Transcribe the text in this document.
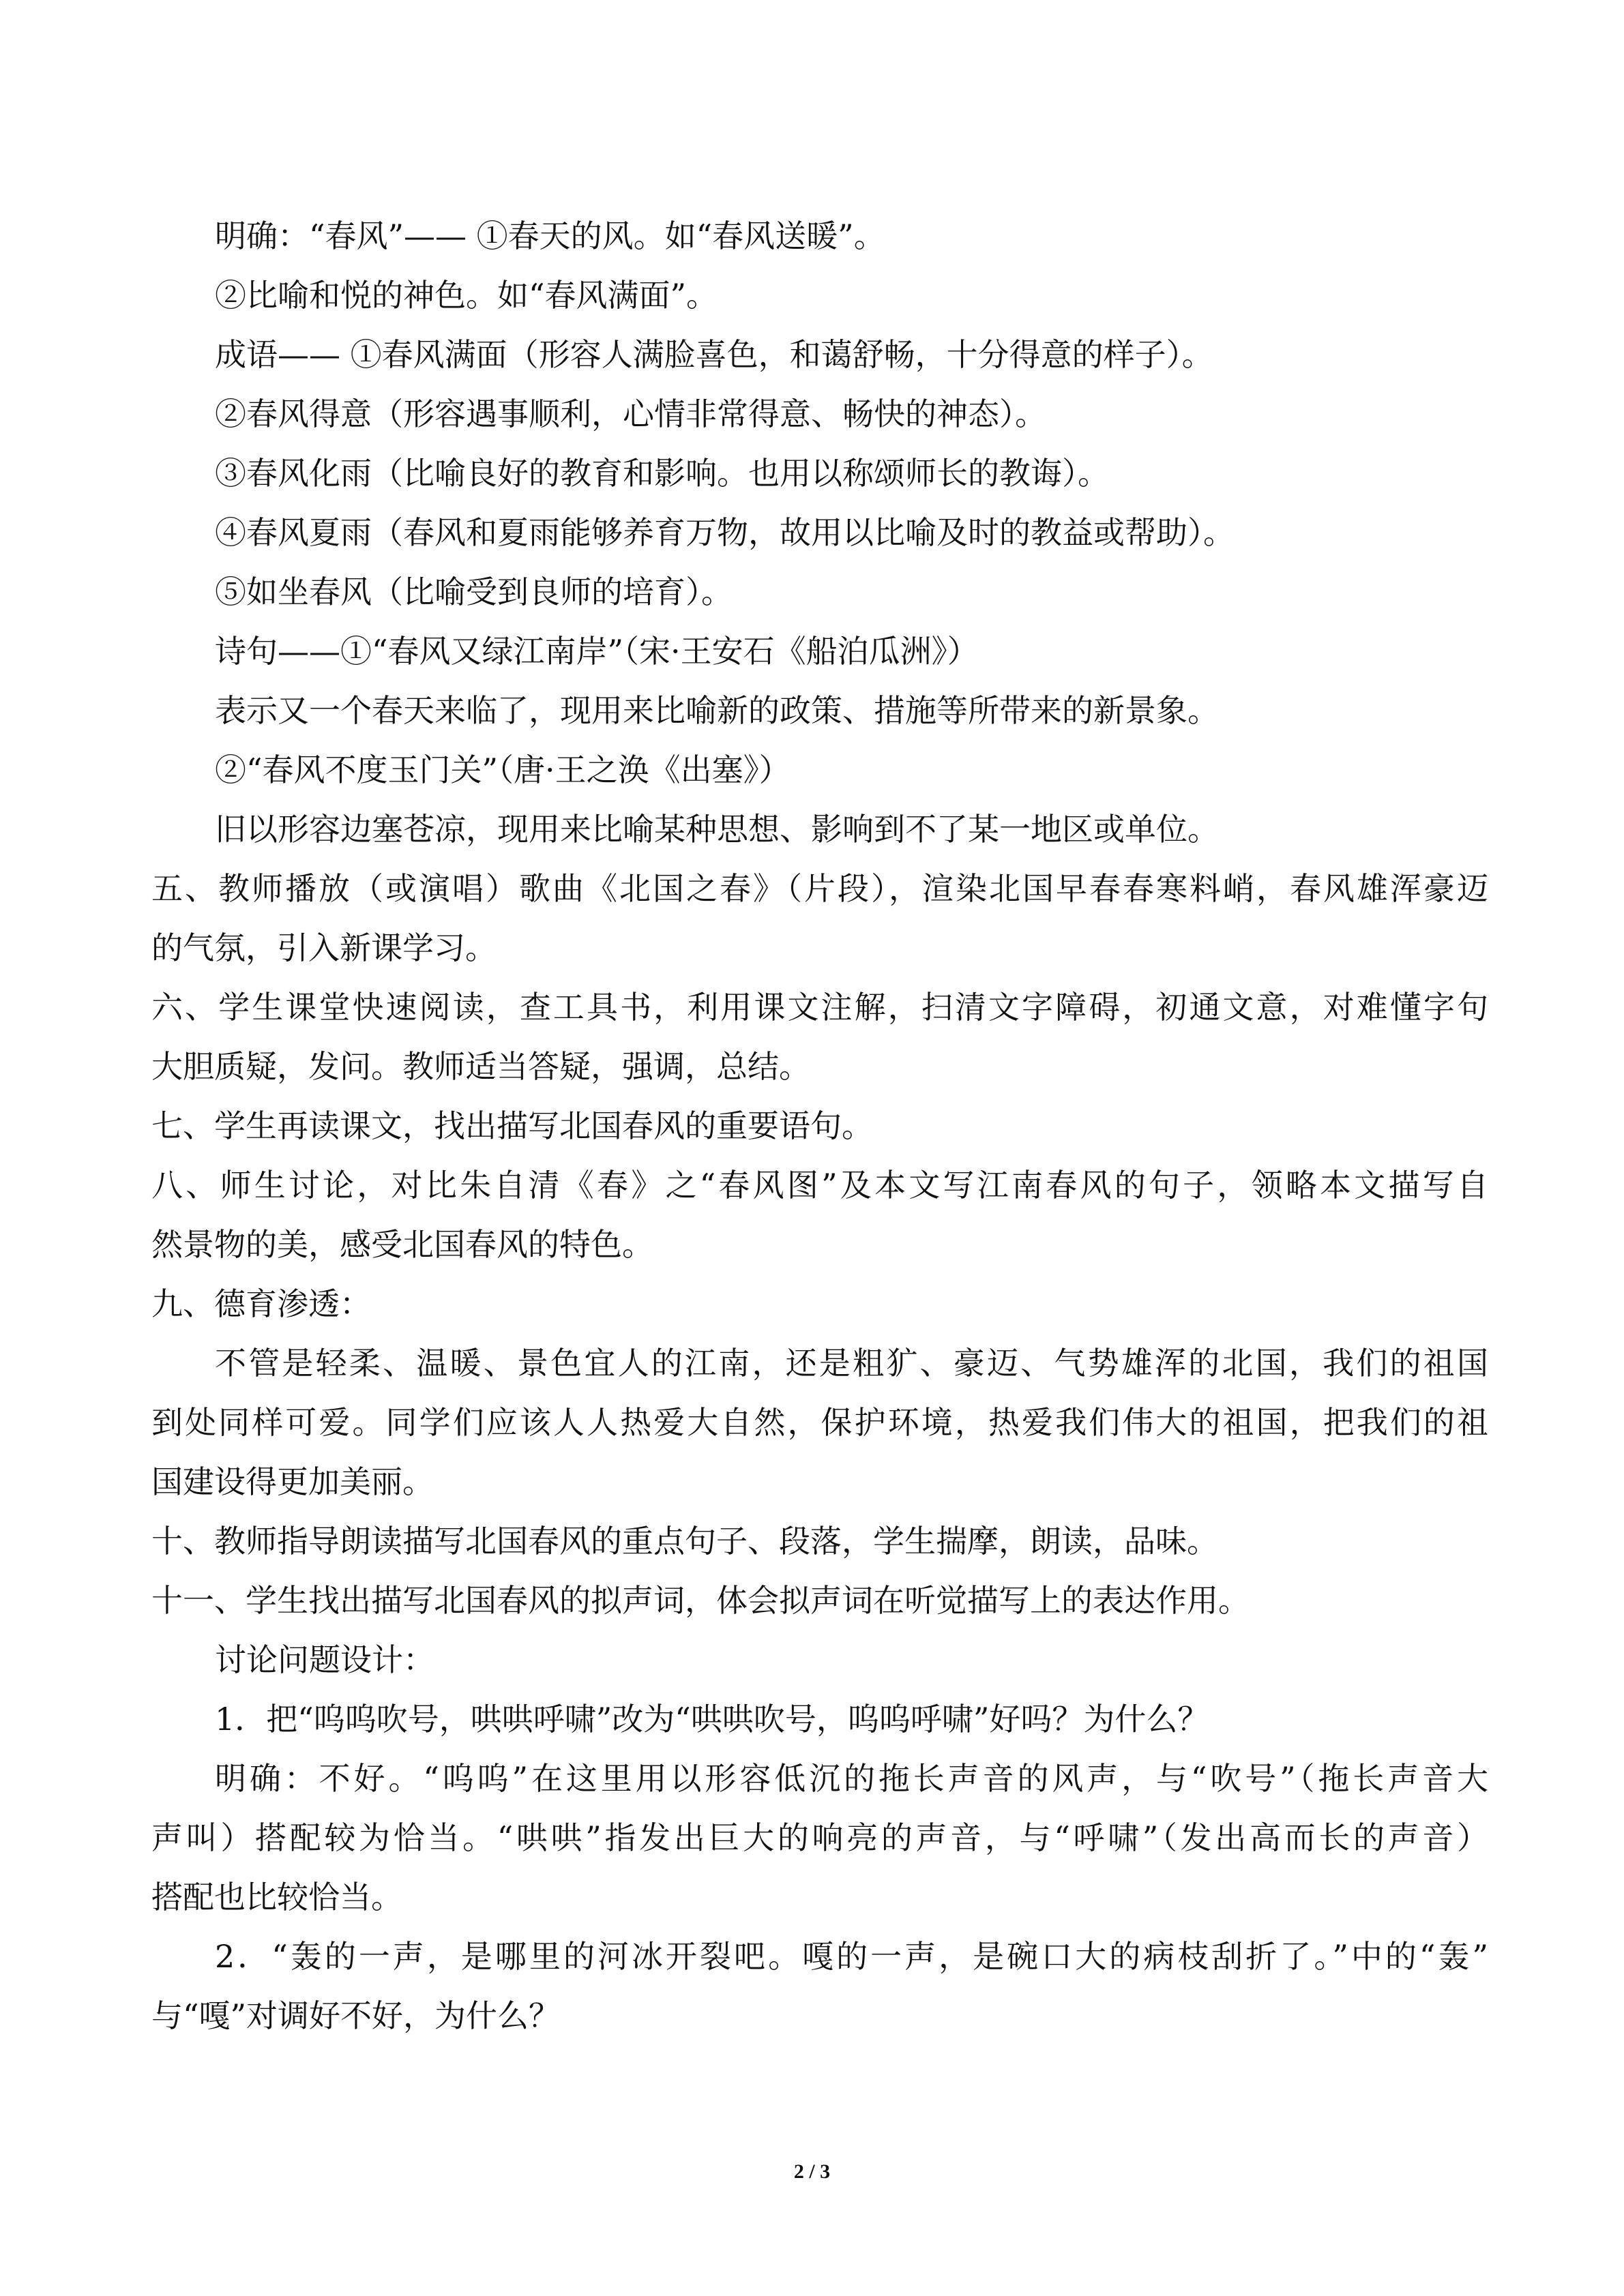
明确：“春风”—— ①春天的风。如“春风送暖”。
②比喻和悦的神色。如“春风满面”。
成语—— ①春风满面（形容人满脸喜色，和蔼舒畅，十分得意的样子）。
②春风得意（形容遇事顺利，心情非常得意、畅快的神态）。
③春风化雨（比喻良好的教育和影响。也用以称颂师长的教诲）。
④春风夏雨（春风和夏雨能够养育万物，故用以比喻及时的教益或帮助）。
⑤如坐春风（比喻受到良师的培育）。
诗句——①“春风又绿江南岸”（宋·王安石《船泊瓜洲》）
表示又一个春天来临了，现用来比喻新的政策、措施等所带来的新景象。
②“春风不度玉门关”（唐·王之涣《出塞》）
旧以形容边塞苍凉，现用来比喻某种思想、影响到不了某一地区或单位。
五、教师播放（或演唱）歌曲《北国之春》（片段），渲染北国早春春寒料峭，春风雄浑豪迈
的气氛，引入新课学习。
六、学生课堂快速阅读，查工具书，利用课文注解，扫清文字障碍，初通文意，对难懂字句
大胆质疑，发问。教师适当答疑，强调，总结。
七、学生再读课文，找出描写北国春风的重要语句。
八、师生讨论，对比朱自清《春》之“春风图”及本文写江南春风的句子，领略本文描写自
然景物的美，感受北国春风的特色。
九、德育渗透：
不管是轻柔、温暖、景色宜人的江南，还是粗犷、豪迈、气势雄浑的北国，我们的祖国
到处同样可爱。同学们应该人人热爱大自然，保护环境，热爱我们伟大的祖国，把我们的祖
国建设得更加美丽。
十、教师指导朗读描写北国春风的重点句子、段落，学生揣摩，朗读，品味。
十一、学生找出描写北国春风的拟声词，体会拟声词在听觉描写上的表达作用。
讨论问题设计：
1．把“呜呜吹号，哄哄呼啸”改为“哄哄吹号，呜呜呼啸”好吗？为什么？
明确：不好。“呜呜”在这里用以形容低沉的拖长声音的风声，与“吹号”（拖长声音大
声叫）搭配较为恰当。“哄哄”指发出巨大的响亮的声音，与“呼啸”（发出高而长的声音）
搭配也比较恰当。
2．“轰的一声，是哪里的河冰开裂吧。嘎的一声，是碗口大的病枝刮折了。”中的“轰”
与“嘎”对调好不好，为什么？
2 / 3
